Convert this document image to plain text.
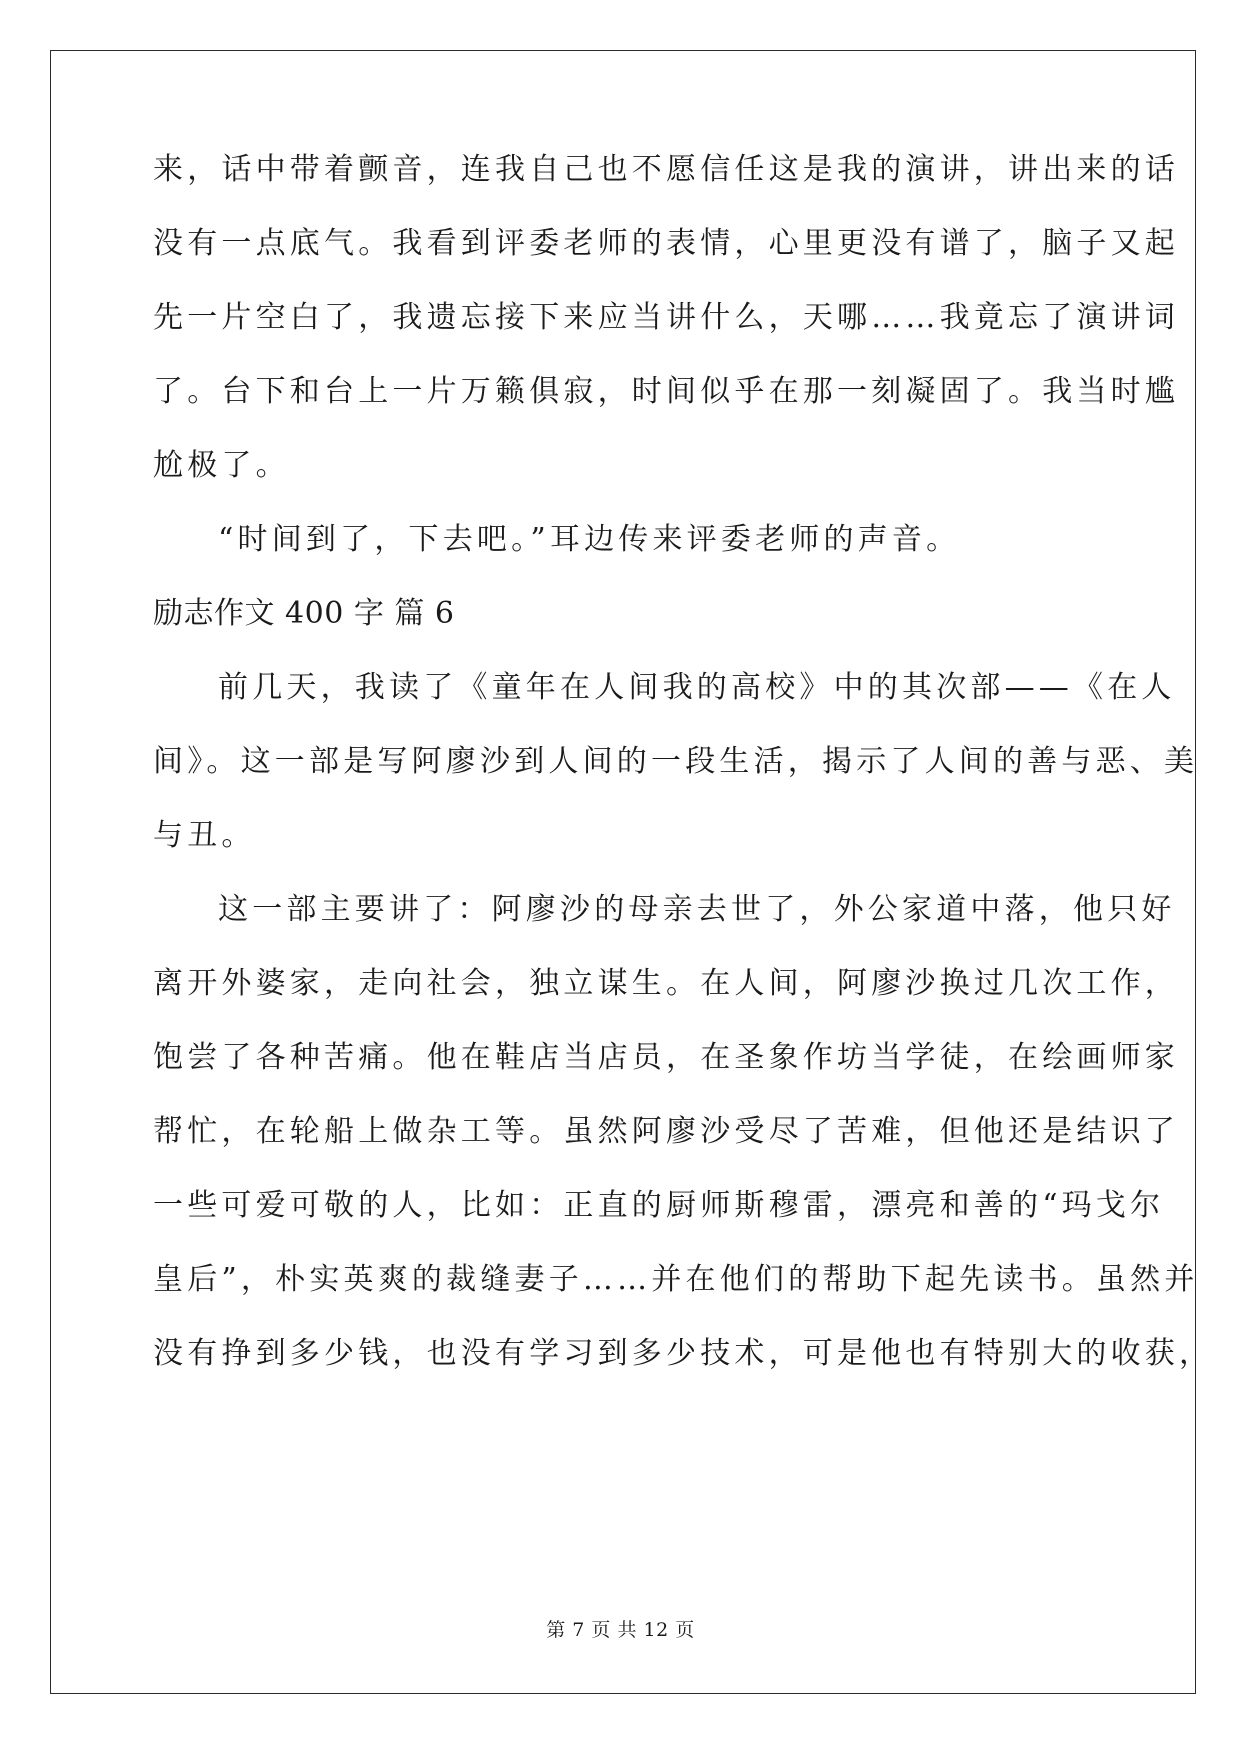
来，话中带着颤音，连我自己也不愿信任这是我的演讲，讲出来的话
没有一点底气。我看到评委老师的表情，心里更没有谱了，脑子又起
先一片空白了，我遗忘接下来应当讲什么，天哪……我竟忘了演讲词
了。台下和台上一片万籁俱寂，时间似乎在那一刻凝固了。我当时尴
尬极了。
“时间到了，下去吧。”耳边传来评委老师的声音。
励志作文 400 字 篇 6
前几天，我读了《童年在人间我的高校》中的其次部——《在人
间》。这一部是写阿廖沙到人间的一段生活，揭示了人间的善与恶、美
与丑。
这一部主要讲了：阿廖沙的母亲去世了，外公家道中落，他只好
离开外婆家，走向社会，独立谋生。在人间，阿廖沙换过几次工作，
饱尝了各种苦痛。他在鞋店当店员，在圣象作坊当学徒，在绘画师家
帮忙，在轮船上做杂工等。虽然阿廖沙受尽了苦难，但他还是结识了
一些可爱可敬的人，比如：正直的厨师斯穆雷，漂亮和善的“玛戈尔
皇后”，朴实英爽的裁缝妻子……并在他们的帮助下起先读书。虽然并
没有挣到多少钱，也没有学习到多少技术，可是他也有特别大的收获，
第 7 页 共 12 页
